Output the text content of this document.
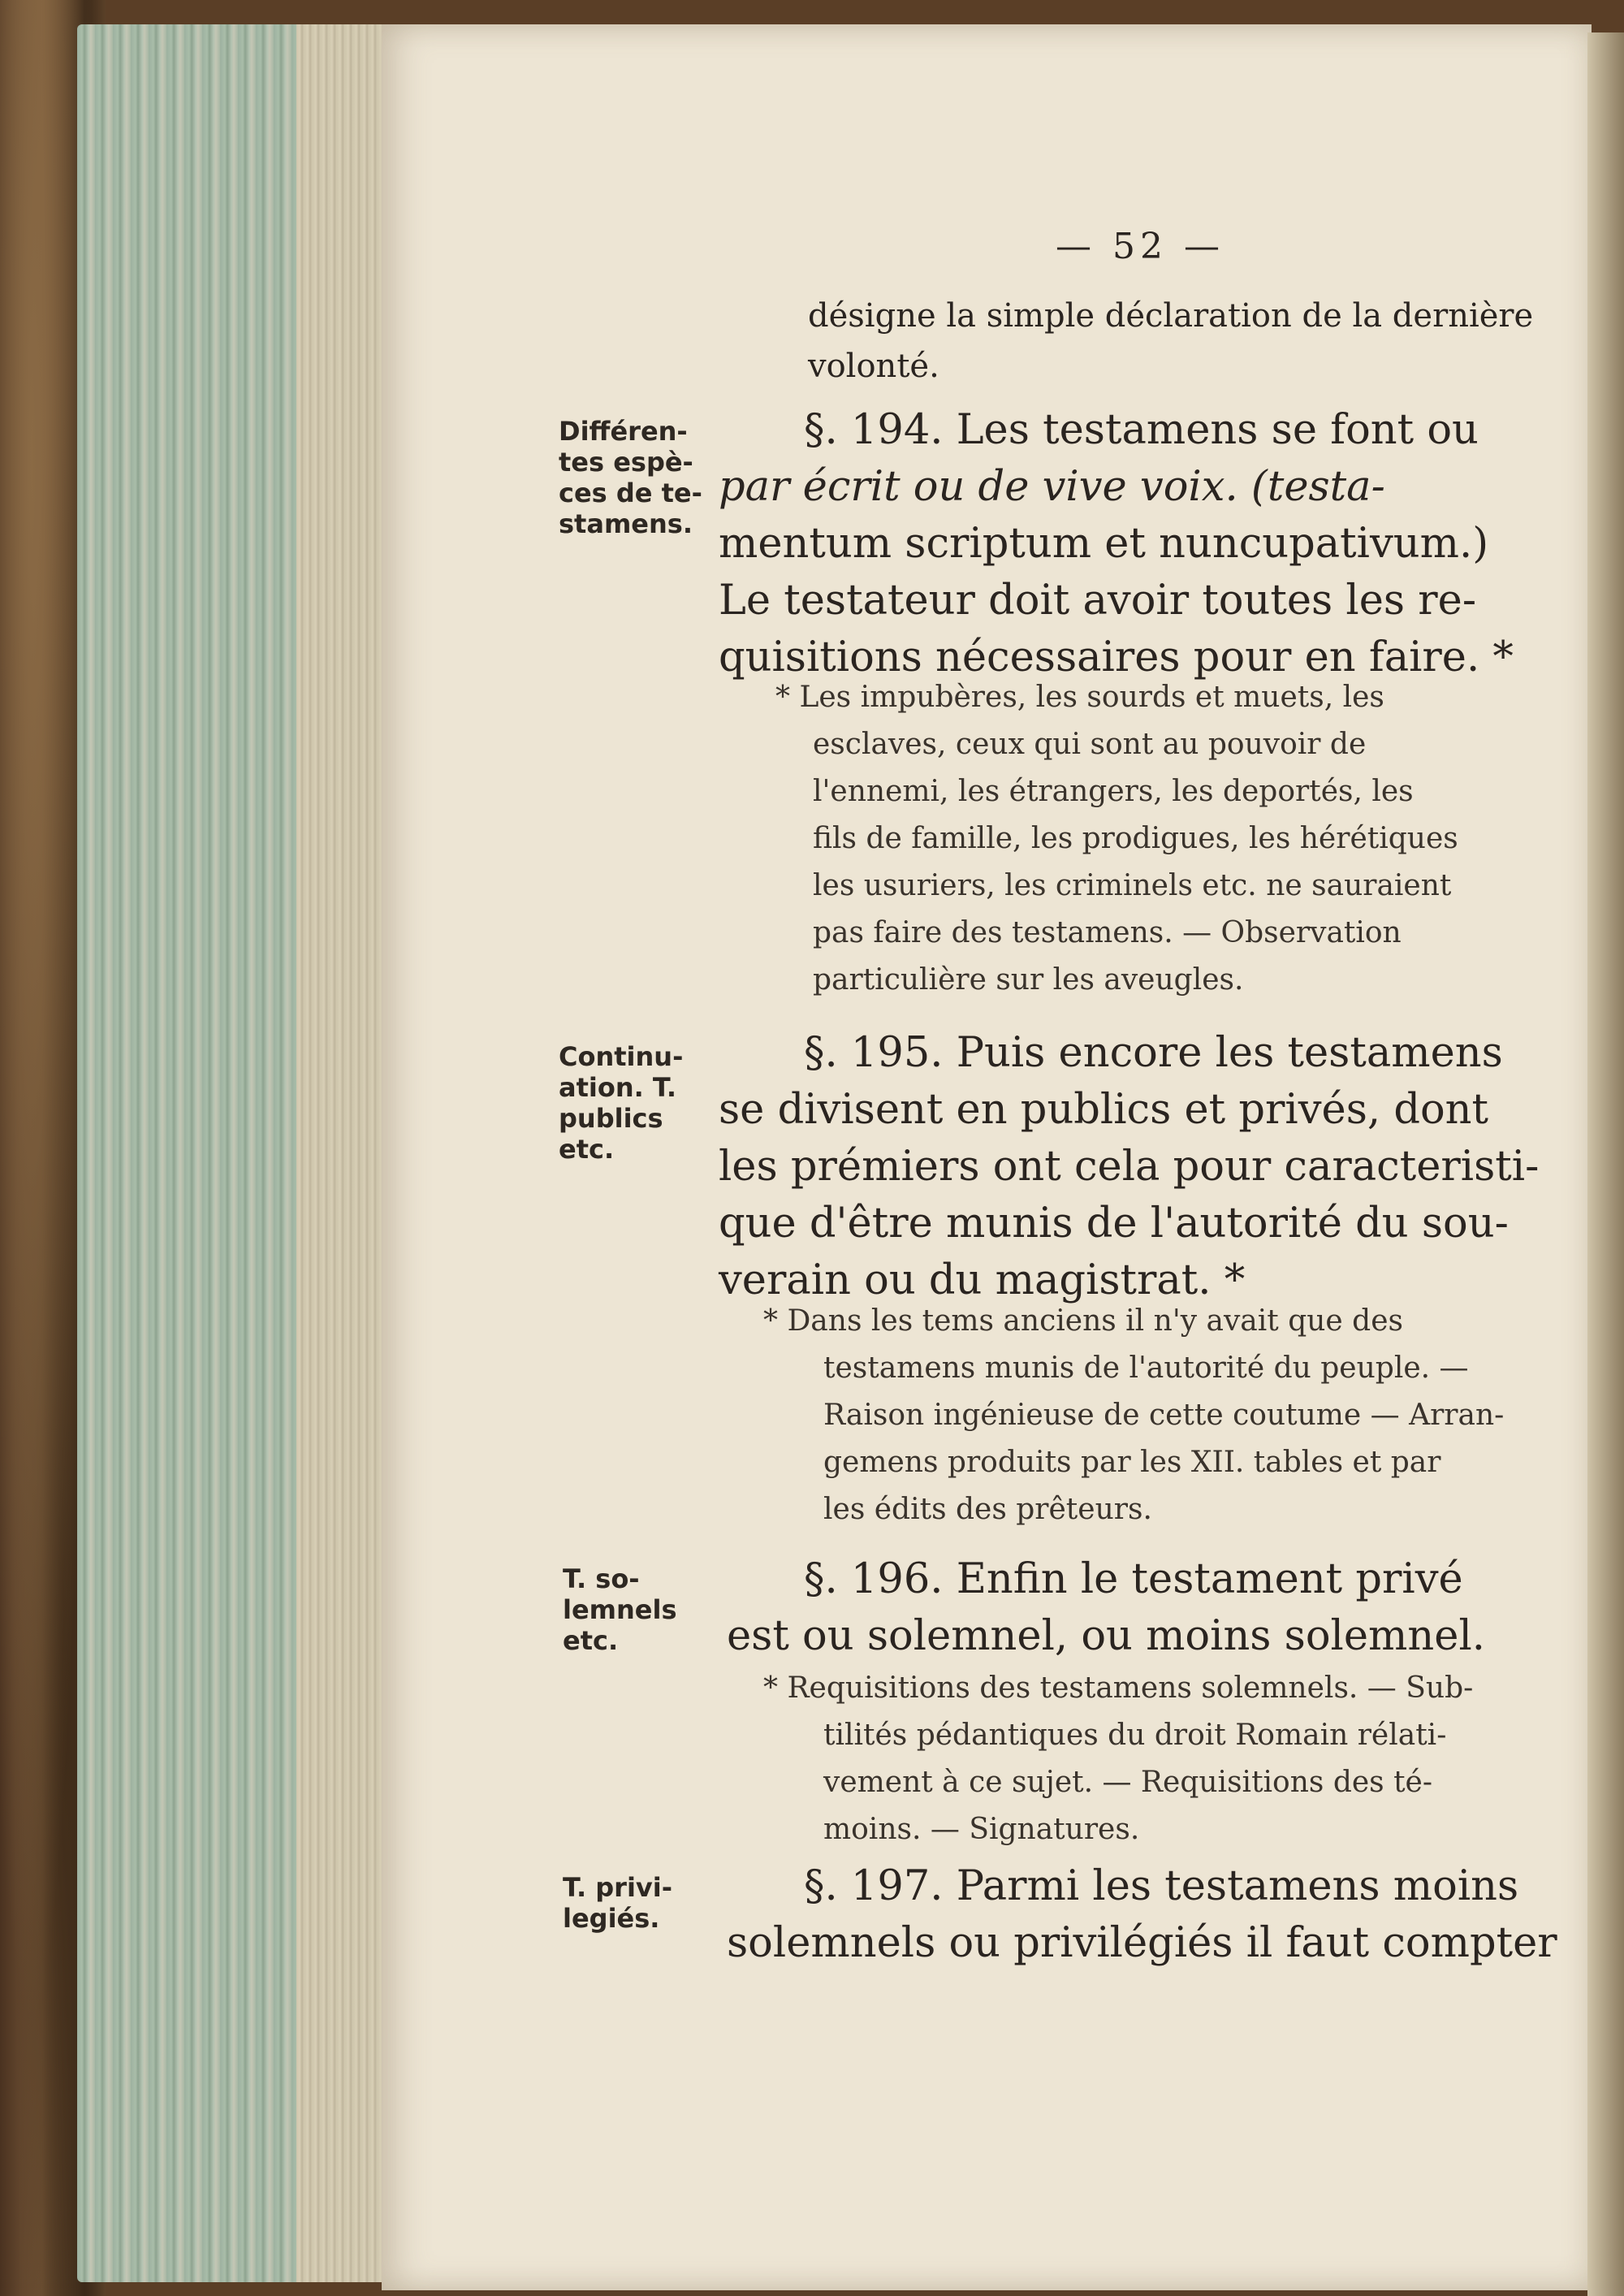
— 52 —
désigne la simple déclaration de la dernière
volonté.
Différen-
tes espè-
ces de te-
stamens.
§. 194. Les testamens se font ou
par écrit ou de vive voix. (testa-
mentum scriptum et nuncupativum.)
Le testateur doit avoir toutes les re-
quisitions nécessaires pour en faire. *
* Les impubères, les sourds et muets, les
esclaves, ceux qui sont au pouvoir de
l'ennemi, les étrangers, les deportés, les
fils de famille, les prodigues, les hérétiques
les usuriers, les criminels etc. ne sauraient
pas faire des testamens. — Observation
particulière sur les aveugles.
Continu-
ation. T.
publics
etc.
§. 195. Puis encore les testamens
se divisent en publics et privés, dont
les prémiers ont cela pour caracteristi-
que d'être munis de l'autorité du sou-
verain ou du magistrat. *
* Dans les tems anciens il n'y avait que des
testamens munis de l'autorité du peuple. —
Raison ingénieuse de cette coutume — Arran-
gemens produits par les XII. tables et par
les édits des prêteurs.
T. so-
lemnels
etc.
§. 196. Enfin le testament privé
est ou solemnel, ou moins solemnel.
* Requisitions des testamens solemnels. — Sub-
tilités pédantiques du droit Romain rélati-
vement à ce sujet. — Requisitions des té-
moins. — Signatures.
T. privi-
legiés.
§. 197. Parmi les testamens moins
solemnels ou privilégiés il faut compter
